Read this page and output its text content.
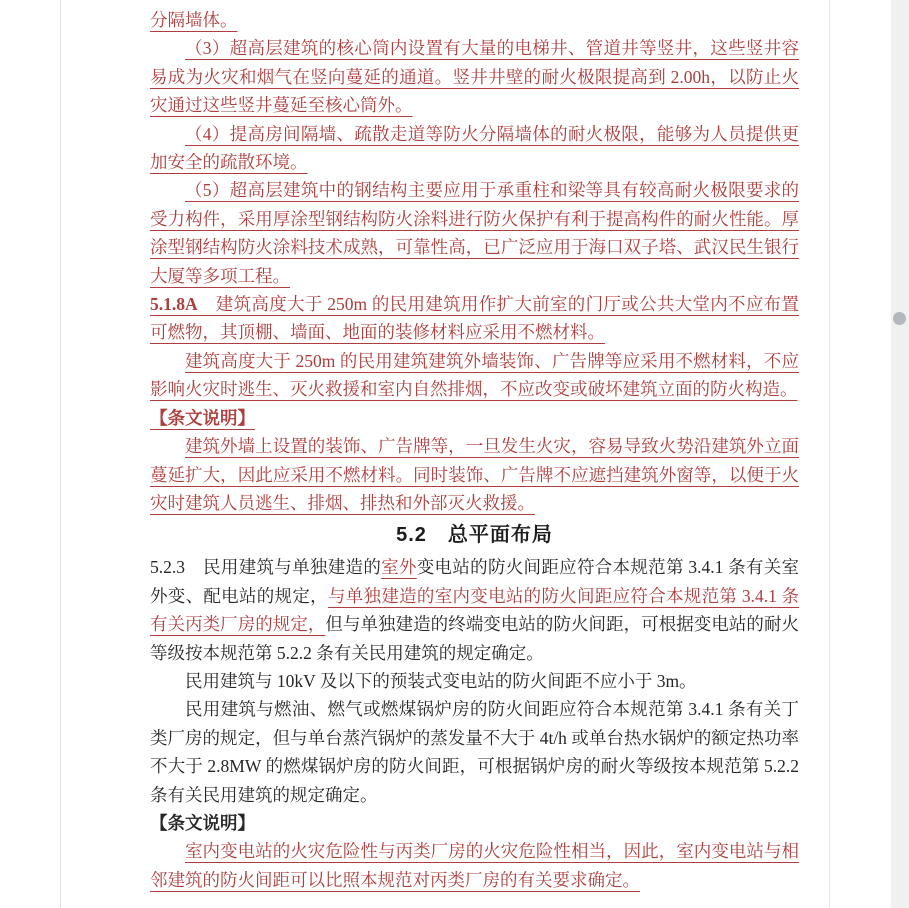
分隔墙体。

（3）超高层建筑的核心筒内设置有大量的电梯井、管道井等竖井，这些竖井容易成为火灾和烟气在竖向蔓延的通道。竖井井壁的耐火极限提高到 2.00h，以防止火灾通过这些竖井蔓延至核心筒外。

（4）提高房间隔墙、疏散走道等防火分隔墙体的耐火极限，能够为人员提供更加安全的疏散环境。

（5）超高层建筑中的钢结构主要应用于承重柱和梁等具有较高耐火极限要求的受力构件，采用厚涂型钢结构防火涂料进行防火保护有利于提高构件的耐火性能。厚涂型钢结构防火涂料技术成熟，可靠性高，已广泛应用于海口双子塔、武汉民生银行大厦等多项工程。

5.1.8A　建筑高度大于 250m 的民用建筑用作扩大前室的门厅或公共大堂内不应布置可燃物，其顶棚、墙面、地面的装修材料应采用不燃材料。

建筑高度大于 250m 的民用建筑建筑外墙装饰、广告牌等应采用不燃材料，不应影响火灾时逃生、灭火救援和室内自然排烟，不应改变或破坏建筑立面的防火构造。

【条文说明】

建筑外墙上设置的装饰、广告牌等，一旦发生火灾，容易导致火势沿建筑外立面蔓延扩大，因此应采用不燃材料。同时装饰、广告牌不应遮挡建筑外窗等，以便于火灾时建筑人员逃生、排烟、排热和外部灭火救援。

5.2　总平面布局

5.2.3　民用建筑与单独建造的室外变电站的防火间距应符合本规范第 3.4.1 条有关室外变、配电站的规定，与单独建造的室内变电站的防火间距应符合本规范第 3.4.1 条有关丙类厂房的规定，但与单独建造的终端变电站的防火间距，可根据变电站的耐火等级按本规范第 5.2.2 条有关民用建筑的规定确定。

民用建筑与 10kV 及以下的预装式变电站的防火间距不应小于 3m。

民用建筑与燃油、燃气或燃煤锅炉房的防火间距应符合本规范第 3.4.1 条有关丁类厂房的规定，但与单台蒸汽锅炉的蒸发量不大于 4t/h 或单台热水锅炉的额定热功率不大于 2.8MW 的燃煤锅炉房的防火间距，可根据锅炉房的耐火等级按本规范第 5.2.2 条有关民用建筑的规定确定。

【条文说明】

室内变电站的火灾危险性与丙类厂房的火灾危险性相当，因此，室内变电站与相邻建筑的防火间距可以比照本规范对丙类厂房的有关要求确定。
